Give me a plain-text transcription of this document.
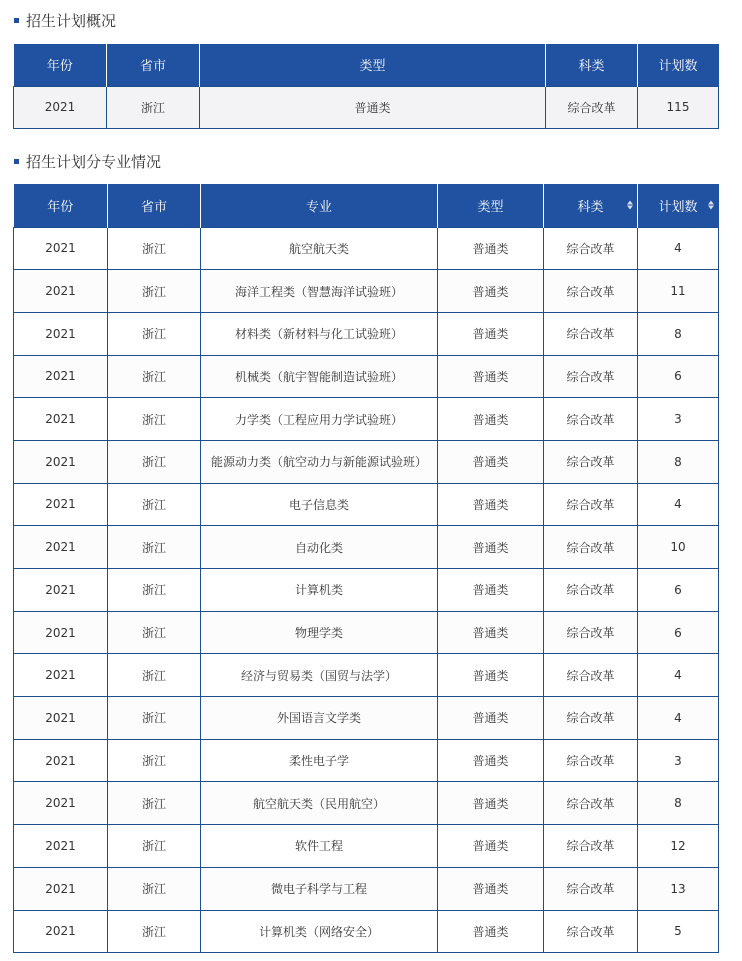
招生计划概况
年份	省市	类型	科类	计划数
2021	浙江	普通类	综合改革	115
招生计划分专业情况
年份	省市	专业	类型	科类	计划数

2021	浙江	航空航天类	普通类	综合改革	4
2021	浙江	海洋工程类（智慧海洋试验班）	普通类	综合改革	11
2021	浙江	材料类（新材料与化工试验班）	普通类	综合改革	8
2021	浙江	机械类（航宇智能制造试验班）	普通类	综合改革	6
2021	浙江	力学类（工程应用力学试验班）	普通类	综合改革	3
2021	浙江	能源动力类（航空动力与新能源试验班）	普通类	综合改革	8
2021	浙江	电子信息类	普通类	综合改革	4
2021	浙江	自动化类	普通类	综合改革	10
2021	浙江	计算机类	普通类	综合改革	6
2021	浙江	物理学类	普通类	综合改革	6
2021	浙江	经济与贸易类（国贸与法学）	普通类	综合改革	4
2021	浙江	外国语言文学类	普通类	综合改革	4
2021	浙江	柔性电子学	普通类	综合改革	3
2021	浙江	航空航天类（民用航空）	普通类	综合改革	8
2021	浙江	软件工程	普通类	综合改革	12
2021	浙江	微电子科学与工程	普通类	综合改革	13
2021	浙江	计算机类（网络安全）	普通类	综合改革	5
